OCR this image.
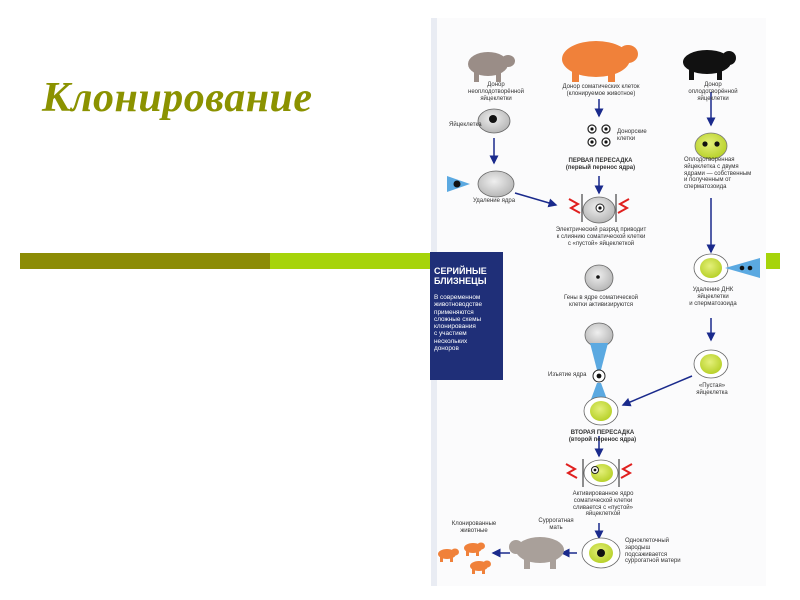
Клонирование	Донор
неоплодотворённой
яйцеклетки
Донор соматических клеток
(клонируемое животное)
Донор
оплодотворённой
яйцеклетки
Яйцеклетка
Донорские
клетки
Удаление ядра
ПЕРВАЯ ПЕРЕСАДКА
(первый перенос ядра)
Электрический разряд приводит
к слиянию соматической клетки
с «пустой» яйцеклеткой
Гены в ядре соматической
клетки активизируются
Изъятие ядра
ВТОРАЯ ПЕРЕСАДКА
(второй перенос ядра)
Активированное ядро
соматической клетки
сливается с «пустой»
яйцеклеткой
Оплодотворенная
яйцеклетка с двумя
ядрами — собственным
и полученным от
сперматозоида
Удаление ДНК
яйцеклетки
и сперматозоида
«Пустая»
яйцеклетка
Суррогатная
мать
Одноклеточный зародыш
подсаживается
суррогатной матери
Клонированные
животные
СЕРИЙНЫЕ
БЛИЗНЕЦЫ
В современном
животноводстве
применяются
сложные схемы
клонирования
с участием
нескольких
доноров
